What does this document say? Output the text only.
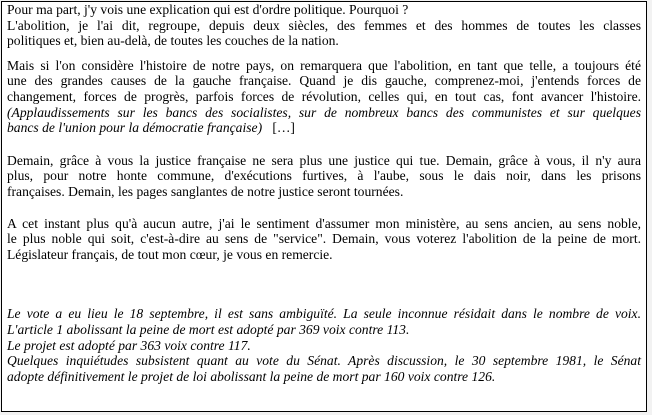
Pour ma part, j'y vois une explication qui est d'ordre politique. Pourquoi ?
L'abolition, je l'ai dit, regroupe, depuis deux siècles, des femmes et des hommes de toutes les classes
politiques et, bien au-delà, de toutes les couches de la nation.

Mais si l'on considère l'histoire de notre pays, on remarquera que l'abolition, en tant que telle, a toujours été
une des grandes causes de la gauche française. Quand je dis gauche, comprenez-moi, j'entends forces de
changement, forces de progrès, parfois forces de révolution, celles qui, en tout cas, font avancer l'histoire.
(Applaudissements sur les bancs des socialistes, sur de nombreux bancs des communistes et sur quelques
bancs de l'union pour la démocratie française) […]

Demain, grâce à vous la justice française ne sera plus une justice qui tue. Demain, grâce à vous, il n'y aura
plus, pour notre honte commune, d'exécutions furtives, à l'aube, sous le dais noir, dans les prisons
françaises. Demain, les pages sanglantes de notre justice seront tournées.

A cet instant plus qu'à aucun autre, j'ai le sentiment d'assumer mon ministère, au sens ancien, au sens noble,
le plus noble qui soit, c'est-à-dire au sens de "service". Demain, vous voterez l'abolition de la peine de mort.
Législateur français, de tout mon cœur, je vous en remercie.

Le vote a eu lieu le 18 septembre, il est sans ambiguïté. La seule inconnue résidait dans le nombre de voix.
L'article 1 abolissant la peine de mort est adopté par 369 voix contre 113.
Le projet est adopté par 363 voix contre 117.
Quelques inquiétudes subsistent quant au vote du Sénat. Après discussion, le 30 septembre 1981, le Sénat
adopte définitivement le projet de loi abolissant la peine de mort par 160 voix contre 126.
